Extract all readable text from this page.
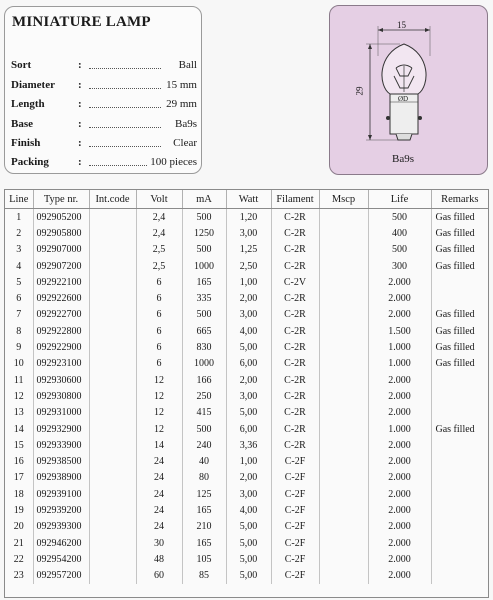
MINIATURE LAMP
Sort	:	Ball
Diameter :	15 mm
Length	:	29 mm
Base	:	Ba9s
Finish	:	Clear
Packing	:	100 pieces
15
29
ØD
Ba9s
Line	Type nr.	Int.code	Volt	mA	Watt	Filament	Mscp	Life	Remarks
1	092905200		2,4	500	1,20	C-2R		500	Gas filled
2	092905800		2,4	1250	3,00	C-2R		400	Gas filled
3	092907000		2,5	500	1,25	C-2R		500	Gas filled
4	092907200		2,5	1000	2,50	C-2R		300	Gas filled
5	092922100		6	165	1,00	C-2V		2.000	
6	092922600		6	335	2,00	C-2R		2.000	
7	092922700		6	500	3,00	C-2R		2.000	Gas filled
8	092922800		6	665	4,00	C-2R		1.500	Gas filled
9	092922900		6	830	5,00	C-2R		1.000	Gas filled
10	092923100		6	1000	6,00	C-2R		1.000	Gas filled
11	092930600		12	166	2,00	C-2R		2.000	
12	092930800		12	250	3,00	C-2R		2.000	
13	092931000		12	415	5,00	C-2R		2.000	
14	092932900		12	500	6,00	C-2R		1.000	Gas filled
15	092933900		14	240	3,36	C-2R		2.000	
16	092938500		24	40	1,00	C-2F		2.000	
17	092938900		24	80	2,00	C-2F		2.000	
18	092939100		24	125	3,00	C-2F		2.000	
19	092939200		24	165	4,00	C-2F		2.000	
20	092939300		24	210	5,00	C-2F		2.000	
21	092946200		30	165	5,00	C-2F		2.000	
22	092954200		48	105	5,00	C-2F		2.000	
23	092957200		60	85	5,00	C-2F		2.000	
